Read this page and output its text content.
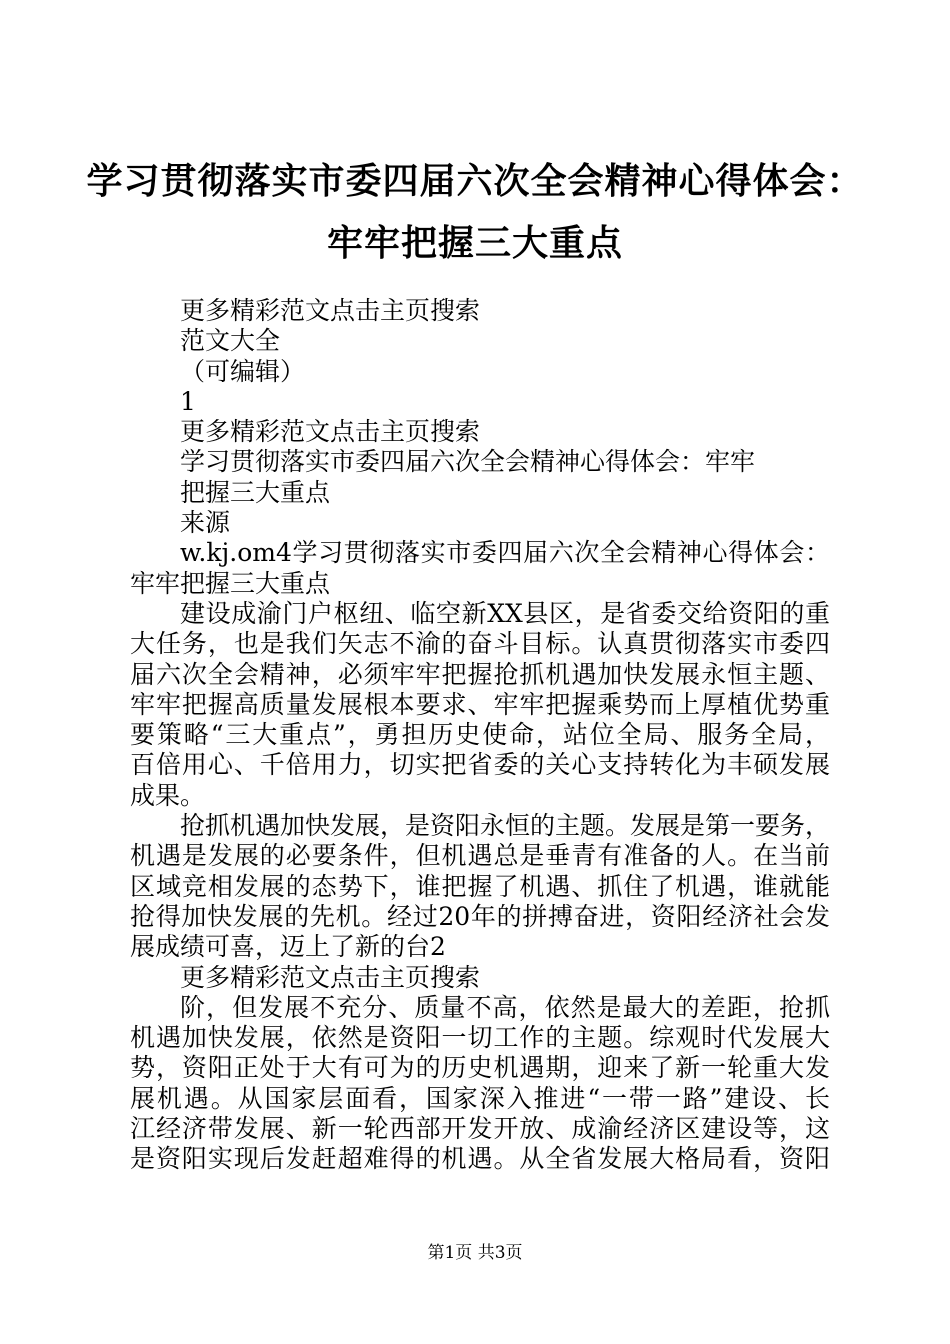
学习贯彻落实市委四届六次全会精神心得体会：
牢牢把握三大重点
更多精彩范文点击主页搜索
范文大全
（可编辑）
1
更多精彩范文点击主页搜索
学习贯彻落实市委四届六次全会精神心得体会：牢牢
把握三大重点
来源
w.kj.om4学习贯彻落实市委四届六次全会精神心得体会：
牢牢把握三大重点
建设成渝门户枢纽、临空新XX县区，是省委交给资阳的重
大任务，也是我们矢志不渝的奋斗目标。认真贯彻落实市委四
届六次全会精神，必须牢牢把握抢抓机遇加快发展永恒主题、
牢牢把握高质量发展根本要求、牢牢把握乘势而上厚植优势重
要策略“三大重点”，勇担历史使命，站位全局、服务全局，
百倍用心、千倍用力，切实把省委的关心支持转化为丰硕发展
成果。
抢抓机遇加快发展，是资阳永恒的主题。发展是第一要务，
机遇是发展的必要条件，但机遇总是垂青有准备的人。在当前
区域竞相发展的态势下，谁把握了机遇、抓住了机遇，谁就能
抢得加快发展的先机。经过20年的拼搏奋进，资阳经济社会发
展成绩可喜，迈上了新的台2
更多精彩范文点击主页搜索
阶，但发展不充分、质量不高，依然是最大的差距，抢抓
机遇加快发展，依然是资阳一切工作的主题。综观时代发展大
势，资阳正处于大有可为的历史机遇期，迎来了新一轮重大发
展机遇。从国家层面看，国家深入推进“一带一路”建设、长
江经济带发展、新一轮西部开发开放、成渝经济区建设等，这
是资阳实现后发赶超难得的机遇。从全省发展大格局看，资阳
第1页 共3页
